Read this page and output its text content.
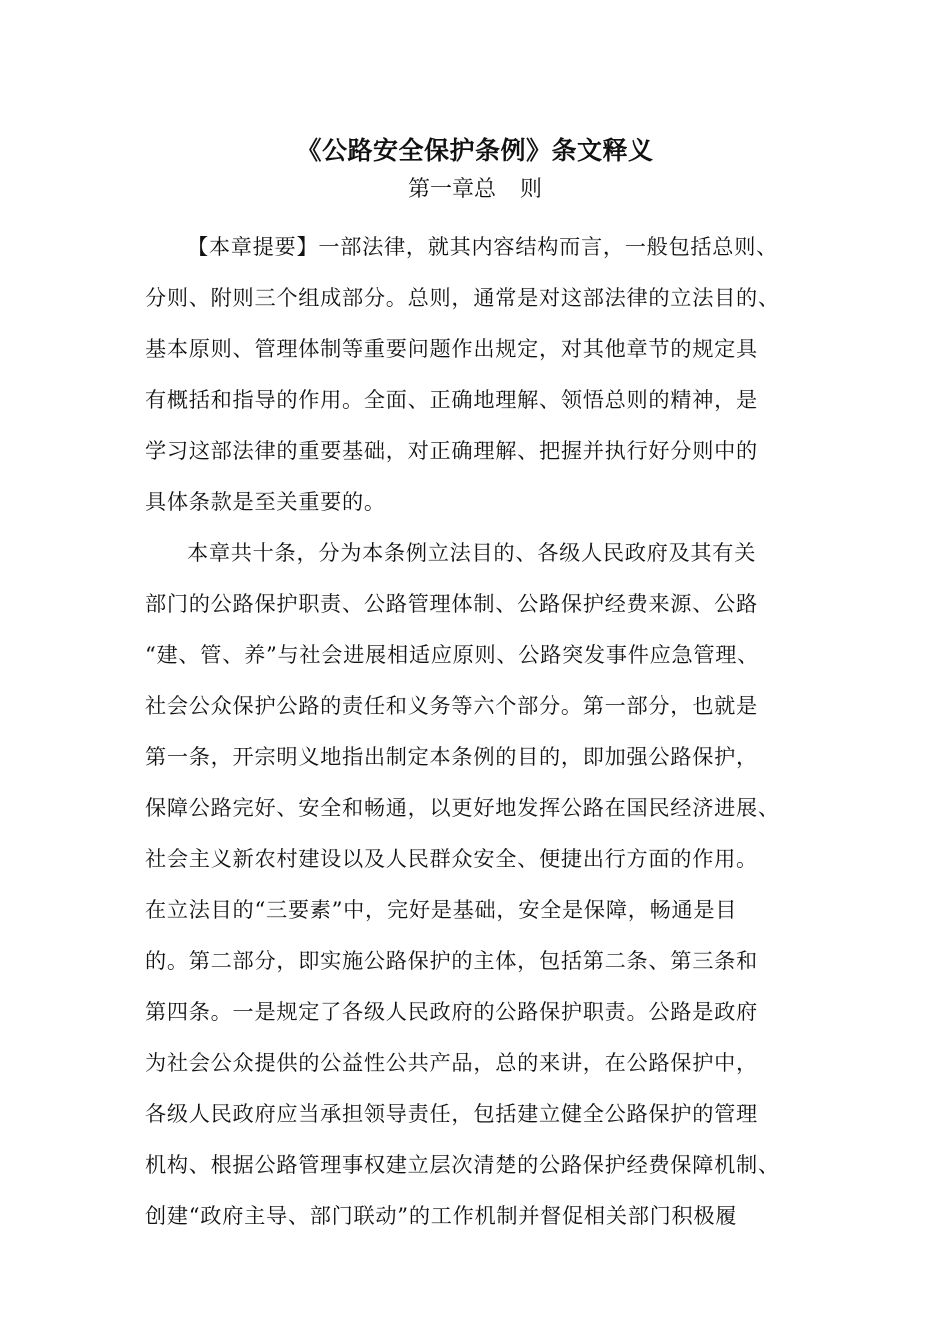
《公路安全保护条例》条文释义
第一章总 则
【本章提要】一部法律，就其内容结构而言，一般包括总则、
分则、附则三个组成部分。总则，通常是对这部法律的立法目的、
基本原则、管理体制等重要问题作出规定，对其他章节的规定具
有概括和指导的作用。全面、正确地理解、领悟总则的精神，是
学习这部法律的重要基础，对正确理解、把握并执行好分则中的
具体条款是至关重要的。
本章共十条，分为本条例立法目的、各级人民政府及其有关
部门的公路保护职责、公路管理体制、公路保护经费来源、公路
“建、管、养”与社会进展相适应原则、公路突发事件应急管理、
社会公众保护公路的责任和义务等六个部分。第一部分，也就是
第一条，开宗明义地指出制定本条例的目的，即加强公路保护，
保障公路完好、安全和畅通，以更好地发挥公路在国民经济进展、
社会主义新农村建设以及人民群众安全、便捷出行方面的作用。
在立法目的“三要素”中，完好是基础，安全是保障，畅通是目
的。第二部分，即实施公路保护的主体，包括第二条、第三条和
第四条。一是规定了各级人民政府的公路保护职责。公路是政府
为社会公众提供的公益性公共产品，总的来讲，在公路保护中，
各级人民政府应当承担领导责任，包括建立健全公路保护的管理
机构、根据公路管理事权建立层次清楚的公路保护经费保障机制、
创建“政府主导、部门联动”的工作机制并督促相关部门积极履
